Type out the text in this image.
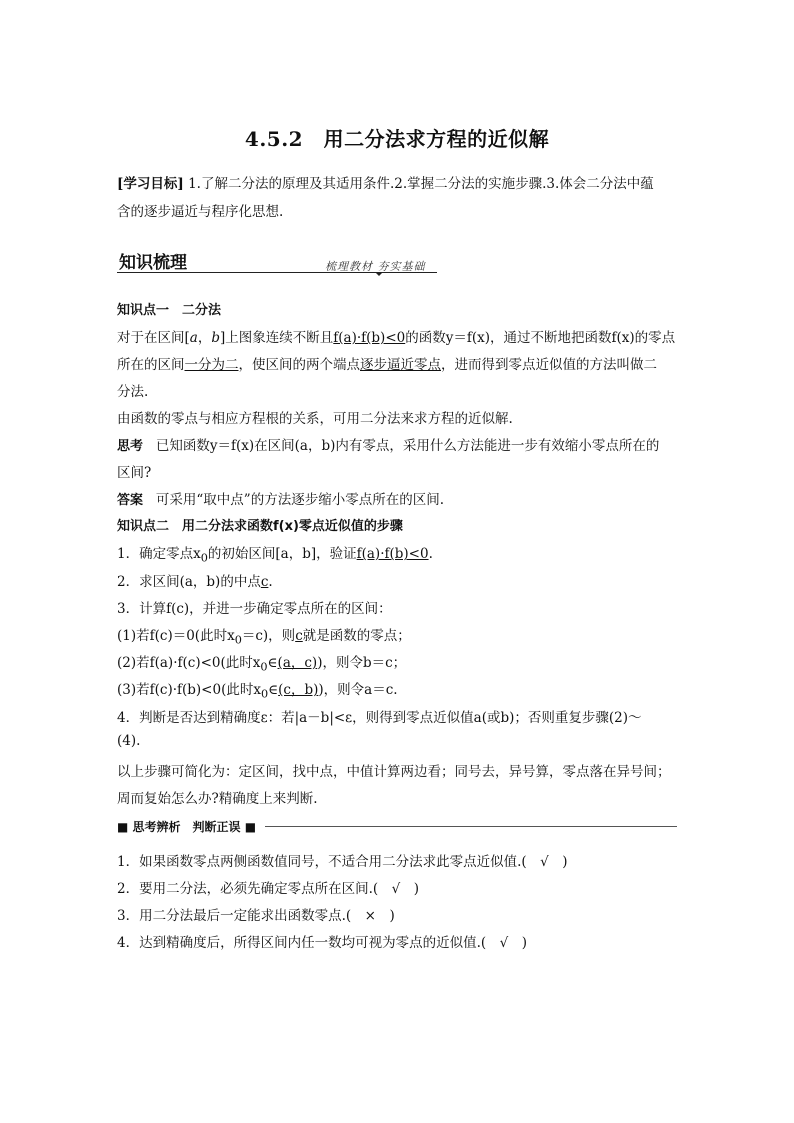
4.5.2　用二分法求方程的近似解
[学习目标] 1.了解二分法的原理及其适用条件.2.掌握二分法的实施步骤.3.体会二分法中蕴
含的逐步逼近与程序化思想.
知识梳理	梳理教材 夯实基础
知识点一　二分法
对于在区间[a，b]上图象连续不断且f(a)·f(b)<0的函数y＝f(x)，通过不断地把函数f(x)的零点
所在的区间一分为二，使区间的两个端点逐步逼近零点，进而得到零点近似值的方法叫做二
分法.
由函数的零点与相应方程根的关系，可用二分法来求方程的近似解.
思考 已知函数y＝f(x)在区间(a，b)内有零点，采用什么方法能进一步有效缩小零点所在的
区间?
答案 可采用“取中点”的方法逐步缩小零点所在的区间.
知识点二　用二分法求函数f(x)零点近似值的步骤
1．确定零点$x_0$的初始区间[a，b]，验证f(a)·f(b)<0.
2．求区间(a，b)的中点c.
3．计算f(c)，并进一步确定零点所在的区间：
(1)若f(c)＝0(此时$x_0=c$)，则c就是函数的零点；
(2)若f(a)·f(c)<0(此时$x_0\in(a$，c))，则令b＝c；
(3)若f(c)·f(b)<0(此时$x_0\in(c$，b))，则令a＝c.
4．判断是否达到精确度ε：若|a－b|<ε，则得到零点近似值a(或b)；否则重复步骤(2)～
(4).
以上步骤可简化为：定区间，找中点，中值计算两边看；同号去，异号算，零点落在异号间；
周而复始怎么办?精确度上来判断.
■ 思考辨析　判断正误 ■
1．如果函数零点两侧函数值同号，不适合用二分法求此零点近似值.(　√　)
2．要用二分法，必须先确定零点所在区间.(　√　)
3．用二分法最后一定能求出函数零点.(　×　)
4．达到精确度后，所得区间内任一数均可视为零点的近似值.(　√　)
